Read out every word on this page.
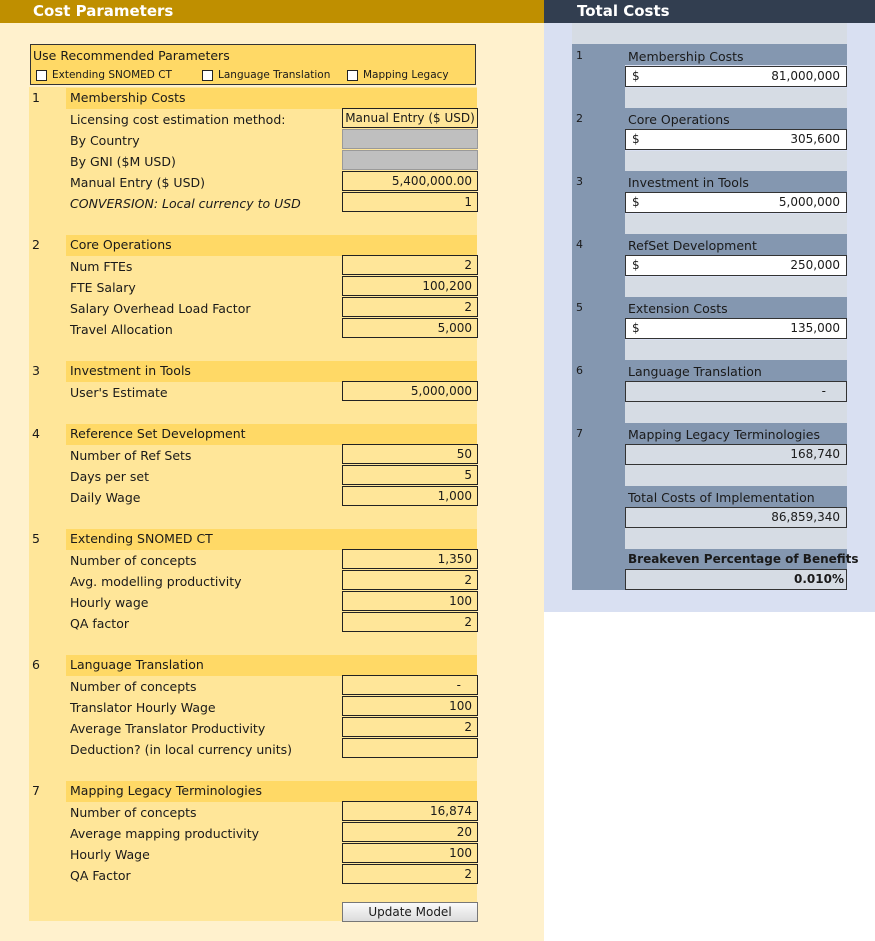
Cost Parameters
Use Recommended Parameters
Extending SNOMED CT	Language Translation	Mapping Legacy
1 Membership Costs
Licensing cost estimation method:	Manual Entry ($ USD)
By Country
By GNI ($M USD)
Manual Entry ($ USD)	5,400,000.00
CONVERSION: Local currency to USD	1
2 Core Operations
Num FTEs	2
FTE Salary	100,200
Salary Overhead Load Factor	2
Travel Allocation	5,000
3 Investment in Tools
User's Estimate	5,000,000
4 Reference Set Development
Number of Ref Sets	50
Days per set	5
Daily Wage	1,000
5 Extending SNOMED CT
Number of concepts	1,350
Avg. modelling productivity	2
Hourly wage	100
QA factor	2
6 Language Translation
Number of concepts	-
Translator Hourly Wage	100
Average Translator Productivity	2
Deduction? (in local currency units)
7 Mapping Legacy Terminologies
Number of concepts	16,874
Average mapping productivity	20
Hourly Wage	100
QA Factor	2
Update Model
Total Costs
1	Membership Costs
$	81,000,000
2	Core Operations
$	305,600
3	Investment in Tools
$	5,000,000
4	RefSet Development
$	250,000
5	Extension Costs
$	135,000
6	Language Translation
-
7	Mapping Legacy Terminologies
168,740
Total Costs of Implementation
86,859,340
Breakeven Percentage of Benefits
0.010%
